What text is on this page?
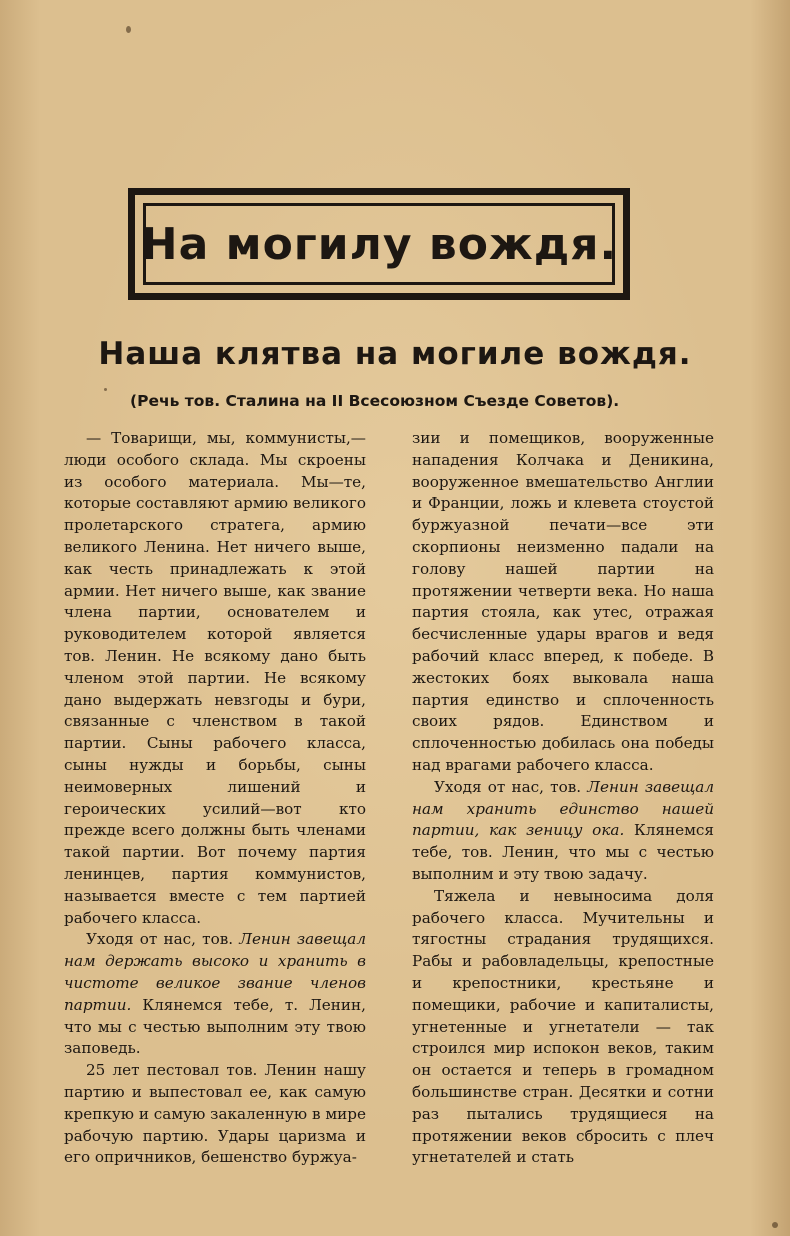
На могилу вождя.
Наша клятва на могиле вождя.

(Речь тов. Сталина на II Всесоюзном Съезде Советов).

— Товарищи, мы, коммунисты,— люди особого склада. Мы скроены из особого материала. Мы—те, которые составляют армию великого пролетарского стратега, армию великого Ленина. Нет ничего выше, как честь принадлежать к этой армии. Нет ничего выше, как звание члена партии, основателем и руководителем которой является тов. Ленин. Не всякому дано быть членом этой партии. Не всякому дано выдержать невзгоды и бури, связанные с членством в такой партии. Сыны рабочего класса, сыны нужды и борьбы, сыны неимоверных лишений и героических усилий—вот кто прежде всего должны быть членами такой партии. Вот почему партия ленинцев, партия коммунистов, называется вместе с тем партией рабочего класса.

Уходя от нас, тов. Ленин завещал нам держать высоко и хранить в чистоте великое звание членов партии. Клянемся тебе, т. Ленин, что мы с честью выполним эту твою заповедь.

25 лет пестовал тов. Ленин нашу партию и выпестовал ее, как самую крепкую и самую закаленную в мире рабочую партию. Удары царизма и его опричников, бешенство буржуа-

зии и помещиков, вооруженные нападения Колчака и Деникина, вооруженное вмешательство Англии и Франции, ложь и клевета стоустой буржуазной печати—все эти скорпионы неизменно падали на голову нашей партии на протяжении четверти века. Но наша партия стояла, как утес, отражая бесчисленные удары врагов и ведя рабочий класс вперед, к победе. В жестоких боях выковала наша партия единство и сплоченность своих рядов. Единством и сплоченностью добилась она победы над врагами рабочего класса.

Уходя от нас, тов. Ленин завещал нам хранить единство нашей партии, как зеницу ока. Клянемся тебе, тов. Ленин, что мы с честью выполним и эту твою задачу.

Тяжела и невыносима доля рабочего класса. Мучительны и тягостны страдания трудящихся. Рабы и рабовладельцы, крепостные и крепостники, крестьяне и помещики, рабочие и капиталисты, угнетенные и угнетатели — так строился мир испокон веков, таким он остается и теперь в громадном большинстве стран. Десятки и сотни раз пытались трудящиеся на протяжении веков сбросить с плеч угнетателей и стать
